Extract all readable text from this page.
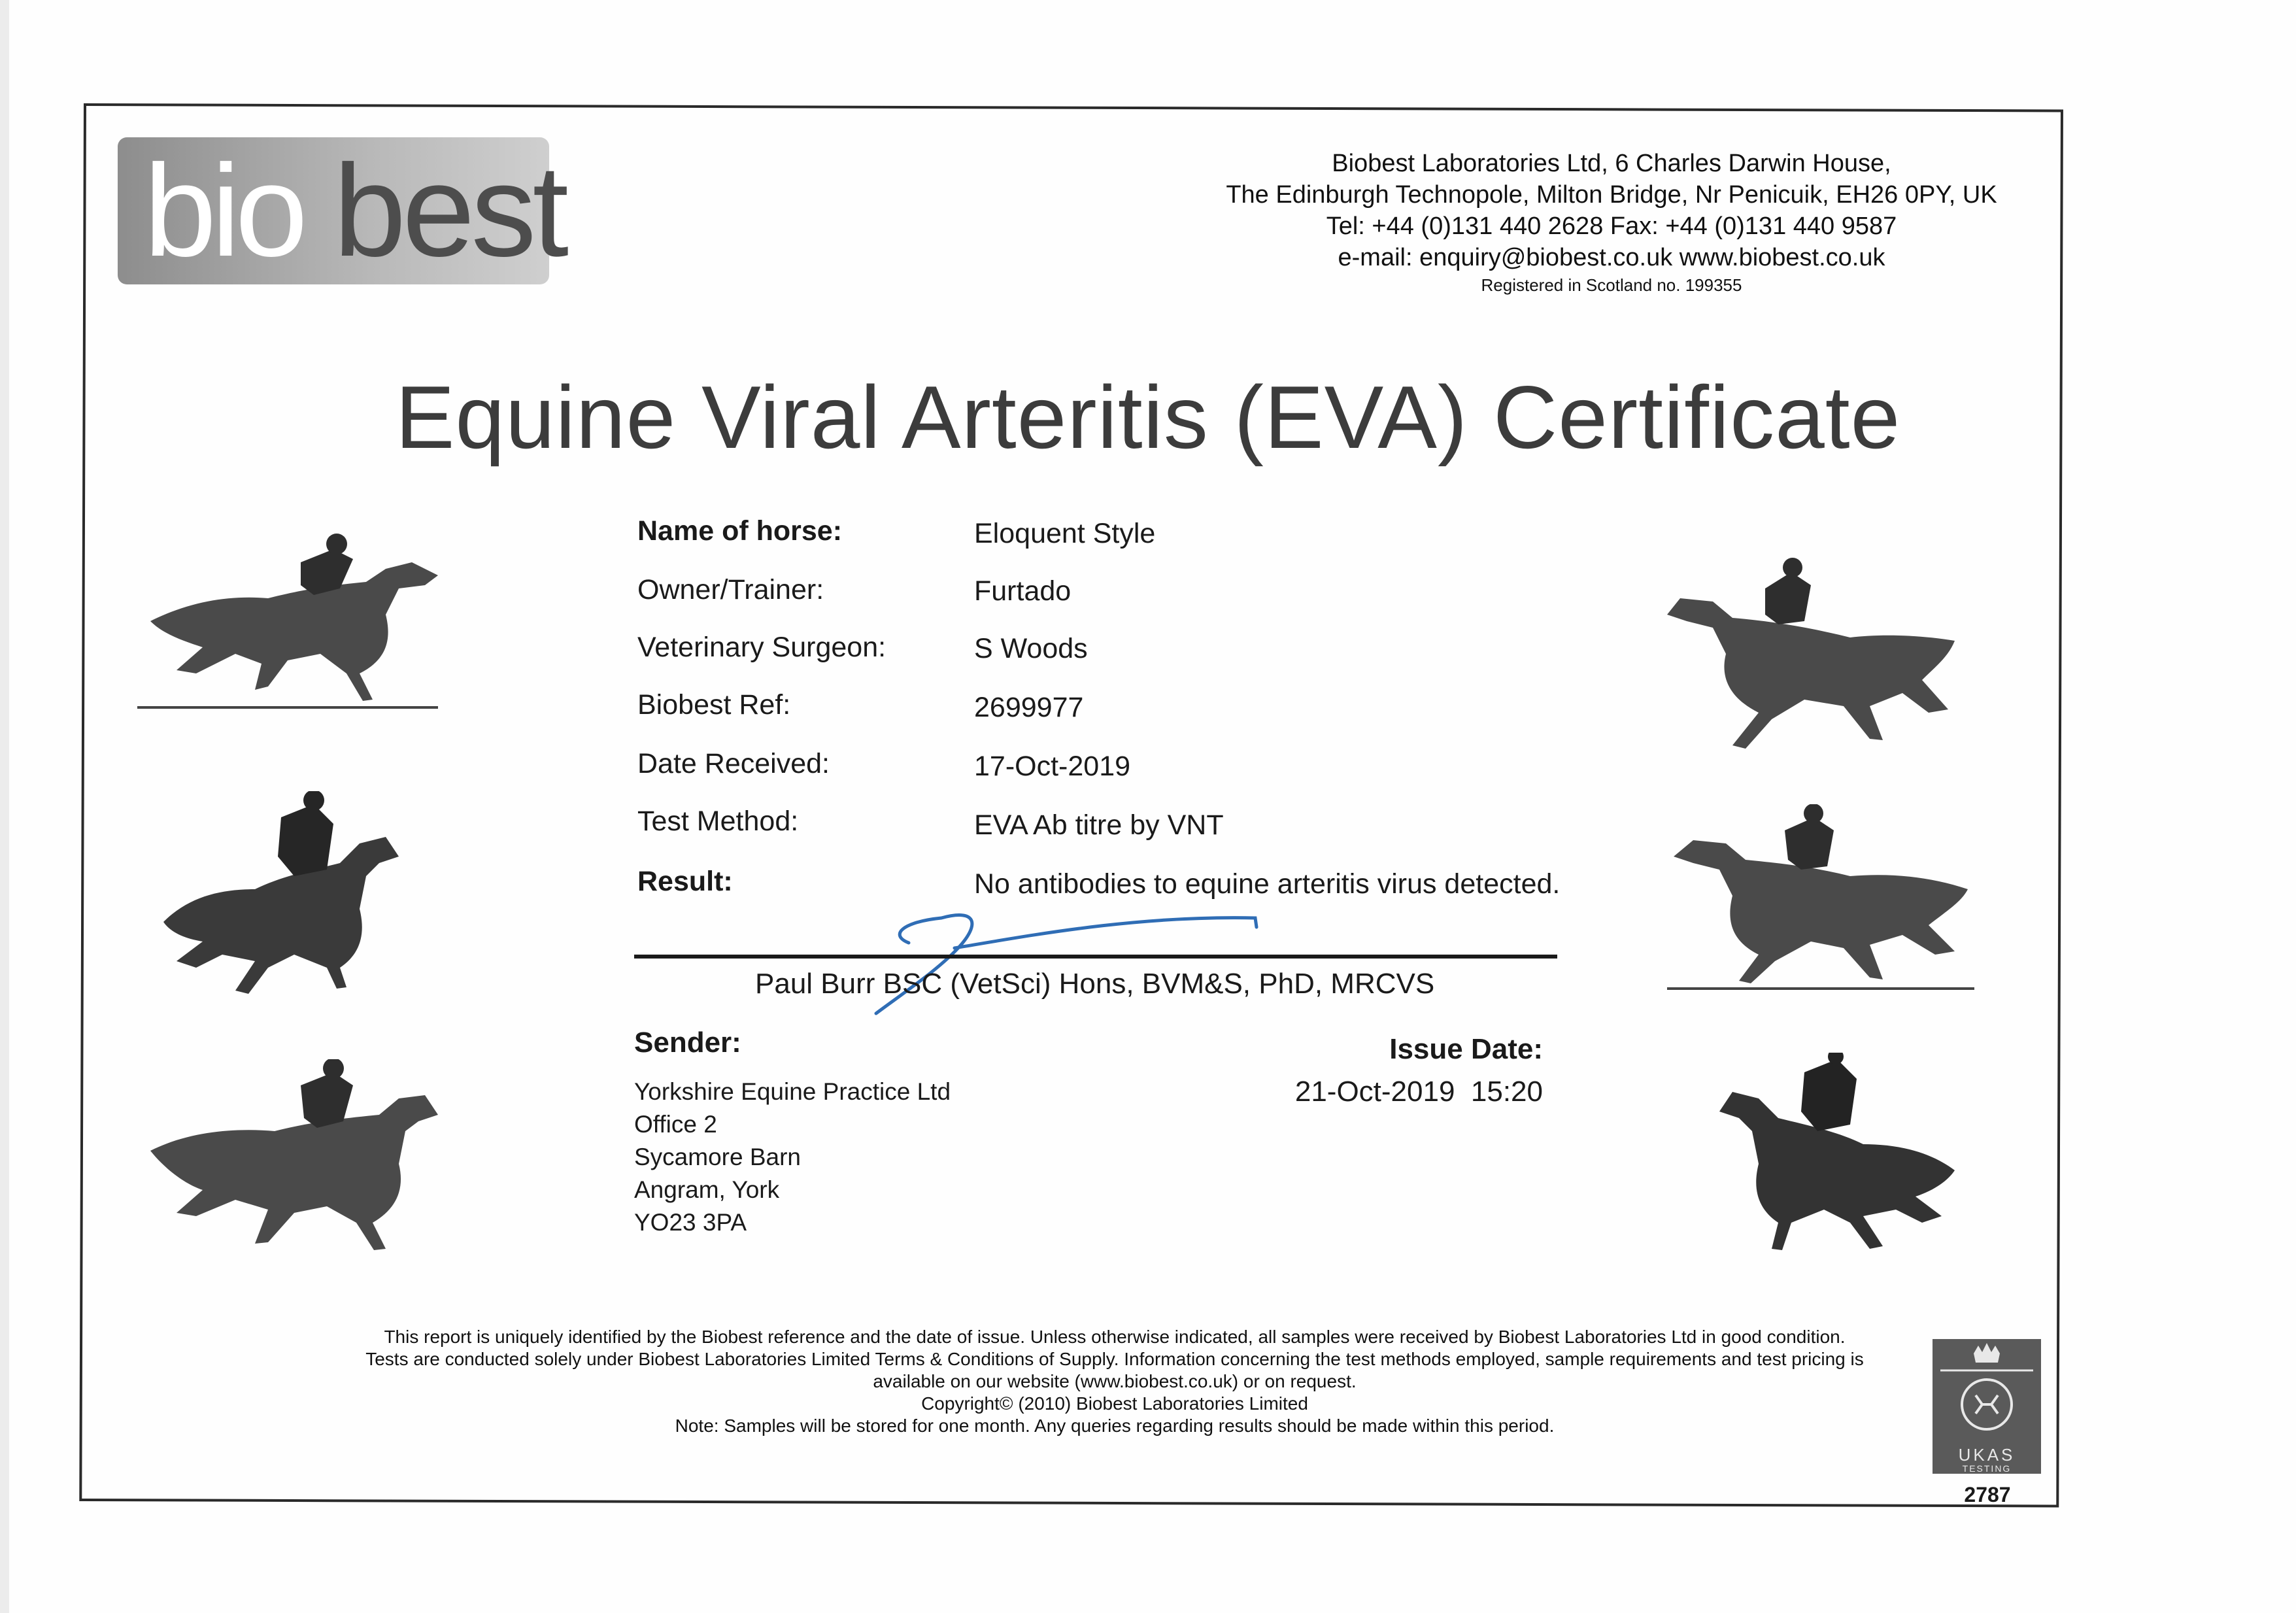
bio best	Biobest Laboratories Ltd, 6 Charles Darwin House,
The Edinburgh Technopole, Milton Bridge, Nr Penicuik, EH26 0PY, UK
Tel: +44 (0)131 440 2628 Fax: +44 (0)131 440 9587
e-mail: enquiry@biobest.co.uk www.biobest.co.uk
Registered in Scotland no. 199355
Equine Viral Arteritis (EVA) Certificate
Name of horse:	Eloquent Style
Owner/Trainer:	Furtado
Veterinary Surgeon:	S Woods
Biobest Ref:	2699977
Date Received:	17-Oct-2019
Test Method:	EVA Ab titre by VNT
Result:	No antibodies to equine arteritis virus detected.
Paul Burr BSC (VetSci) Hons, BVM&S, PhD, MRCVS
Sender:
Yorkshire Equine Practice Ltd
Office 2
Sycamore Barn
Angram, York
YO23 3PA
Issue Date:
21-Oct-2019 15:20
This report is uniquely identified by the Biobest reference and the date of issue. Unless otherwise indicated, all samples were received by Biobest Laboratories Ltd in good condition.
Tests are conducted solely under Biobest Laboratories Limited Terms & Conditions of Supply. Information concerning the test methods employed, sample requirements and test pricing is
available on our website (www.biobest.co.uk) or on request.
Copyright© (2010) Biobest Laboratories Limited
Note: Samples will be stored for one month. Any queries regarding results should be made within this period.
UKAS
TESTING
2787
